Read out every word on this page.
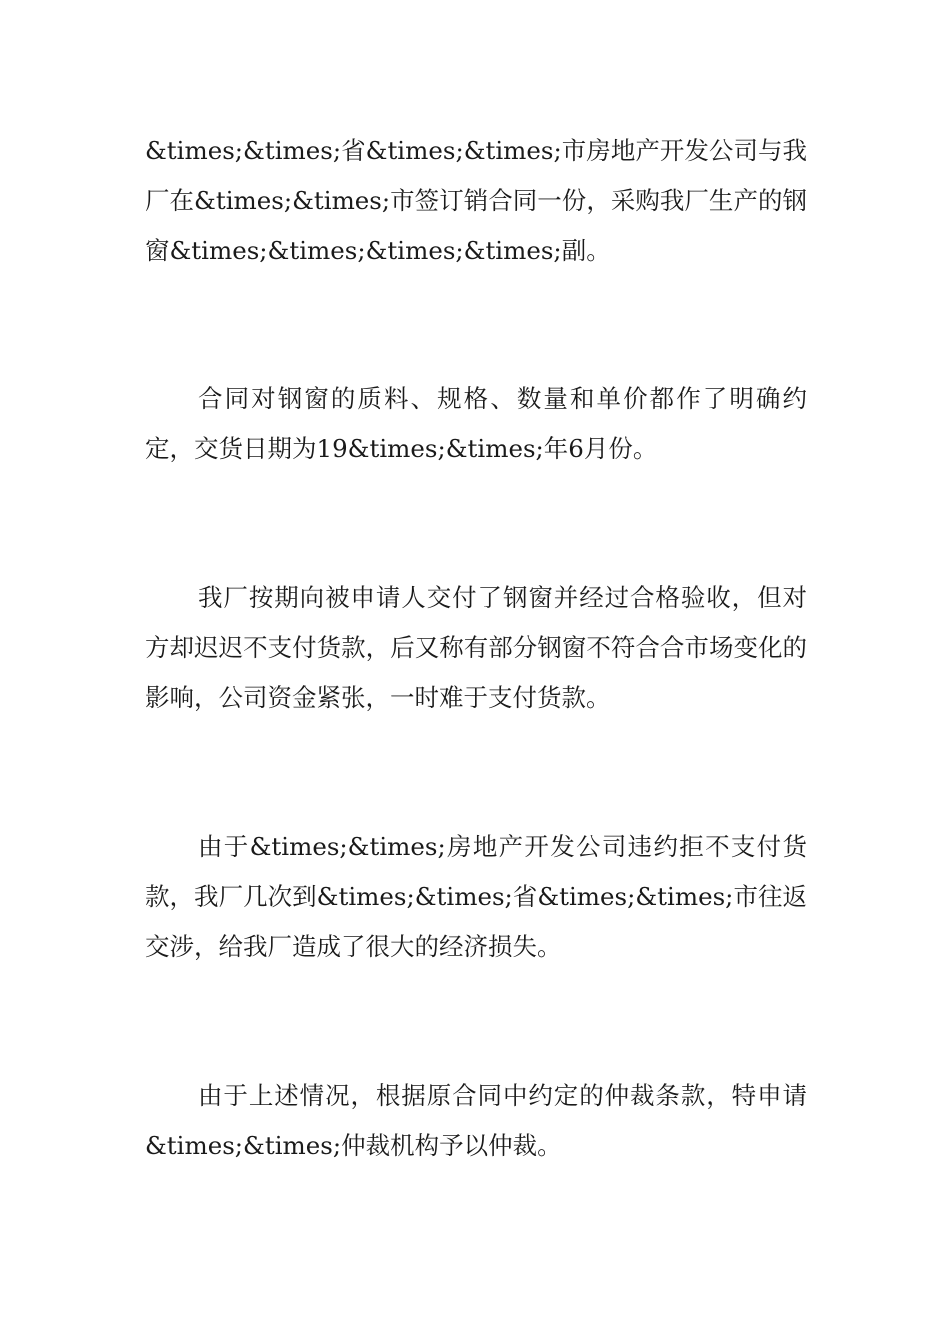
&times;&times;省&times;&times;市房地产开发公司与我厂在&times;&times;市签订销合同一份，采购我厂生产的钢窗&times;&times;&times;&times;副。

合同对钢窗的质料、规格、数量和单价都作了明确约定，交货日期为19&times;&times;年6月份。

我厂按期向被申请人交付了钢窗并经过合格验收，但对方却迟迟不支付货款，后又称有部分钢窗不符合合市场变化的影响，公司资金紧张，一时难于支付货款。

由于&times;&times;房地产开发公司违约拒不支付货款，我厂几次到&times;&times;省&times;&times;市往返交涉，给我厂造成了很大的经济损失。

由于上述情况，根据原合同中约定的仲裁条款，特申请&times;&times;仲裁机构予以仲裁。
